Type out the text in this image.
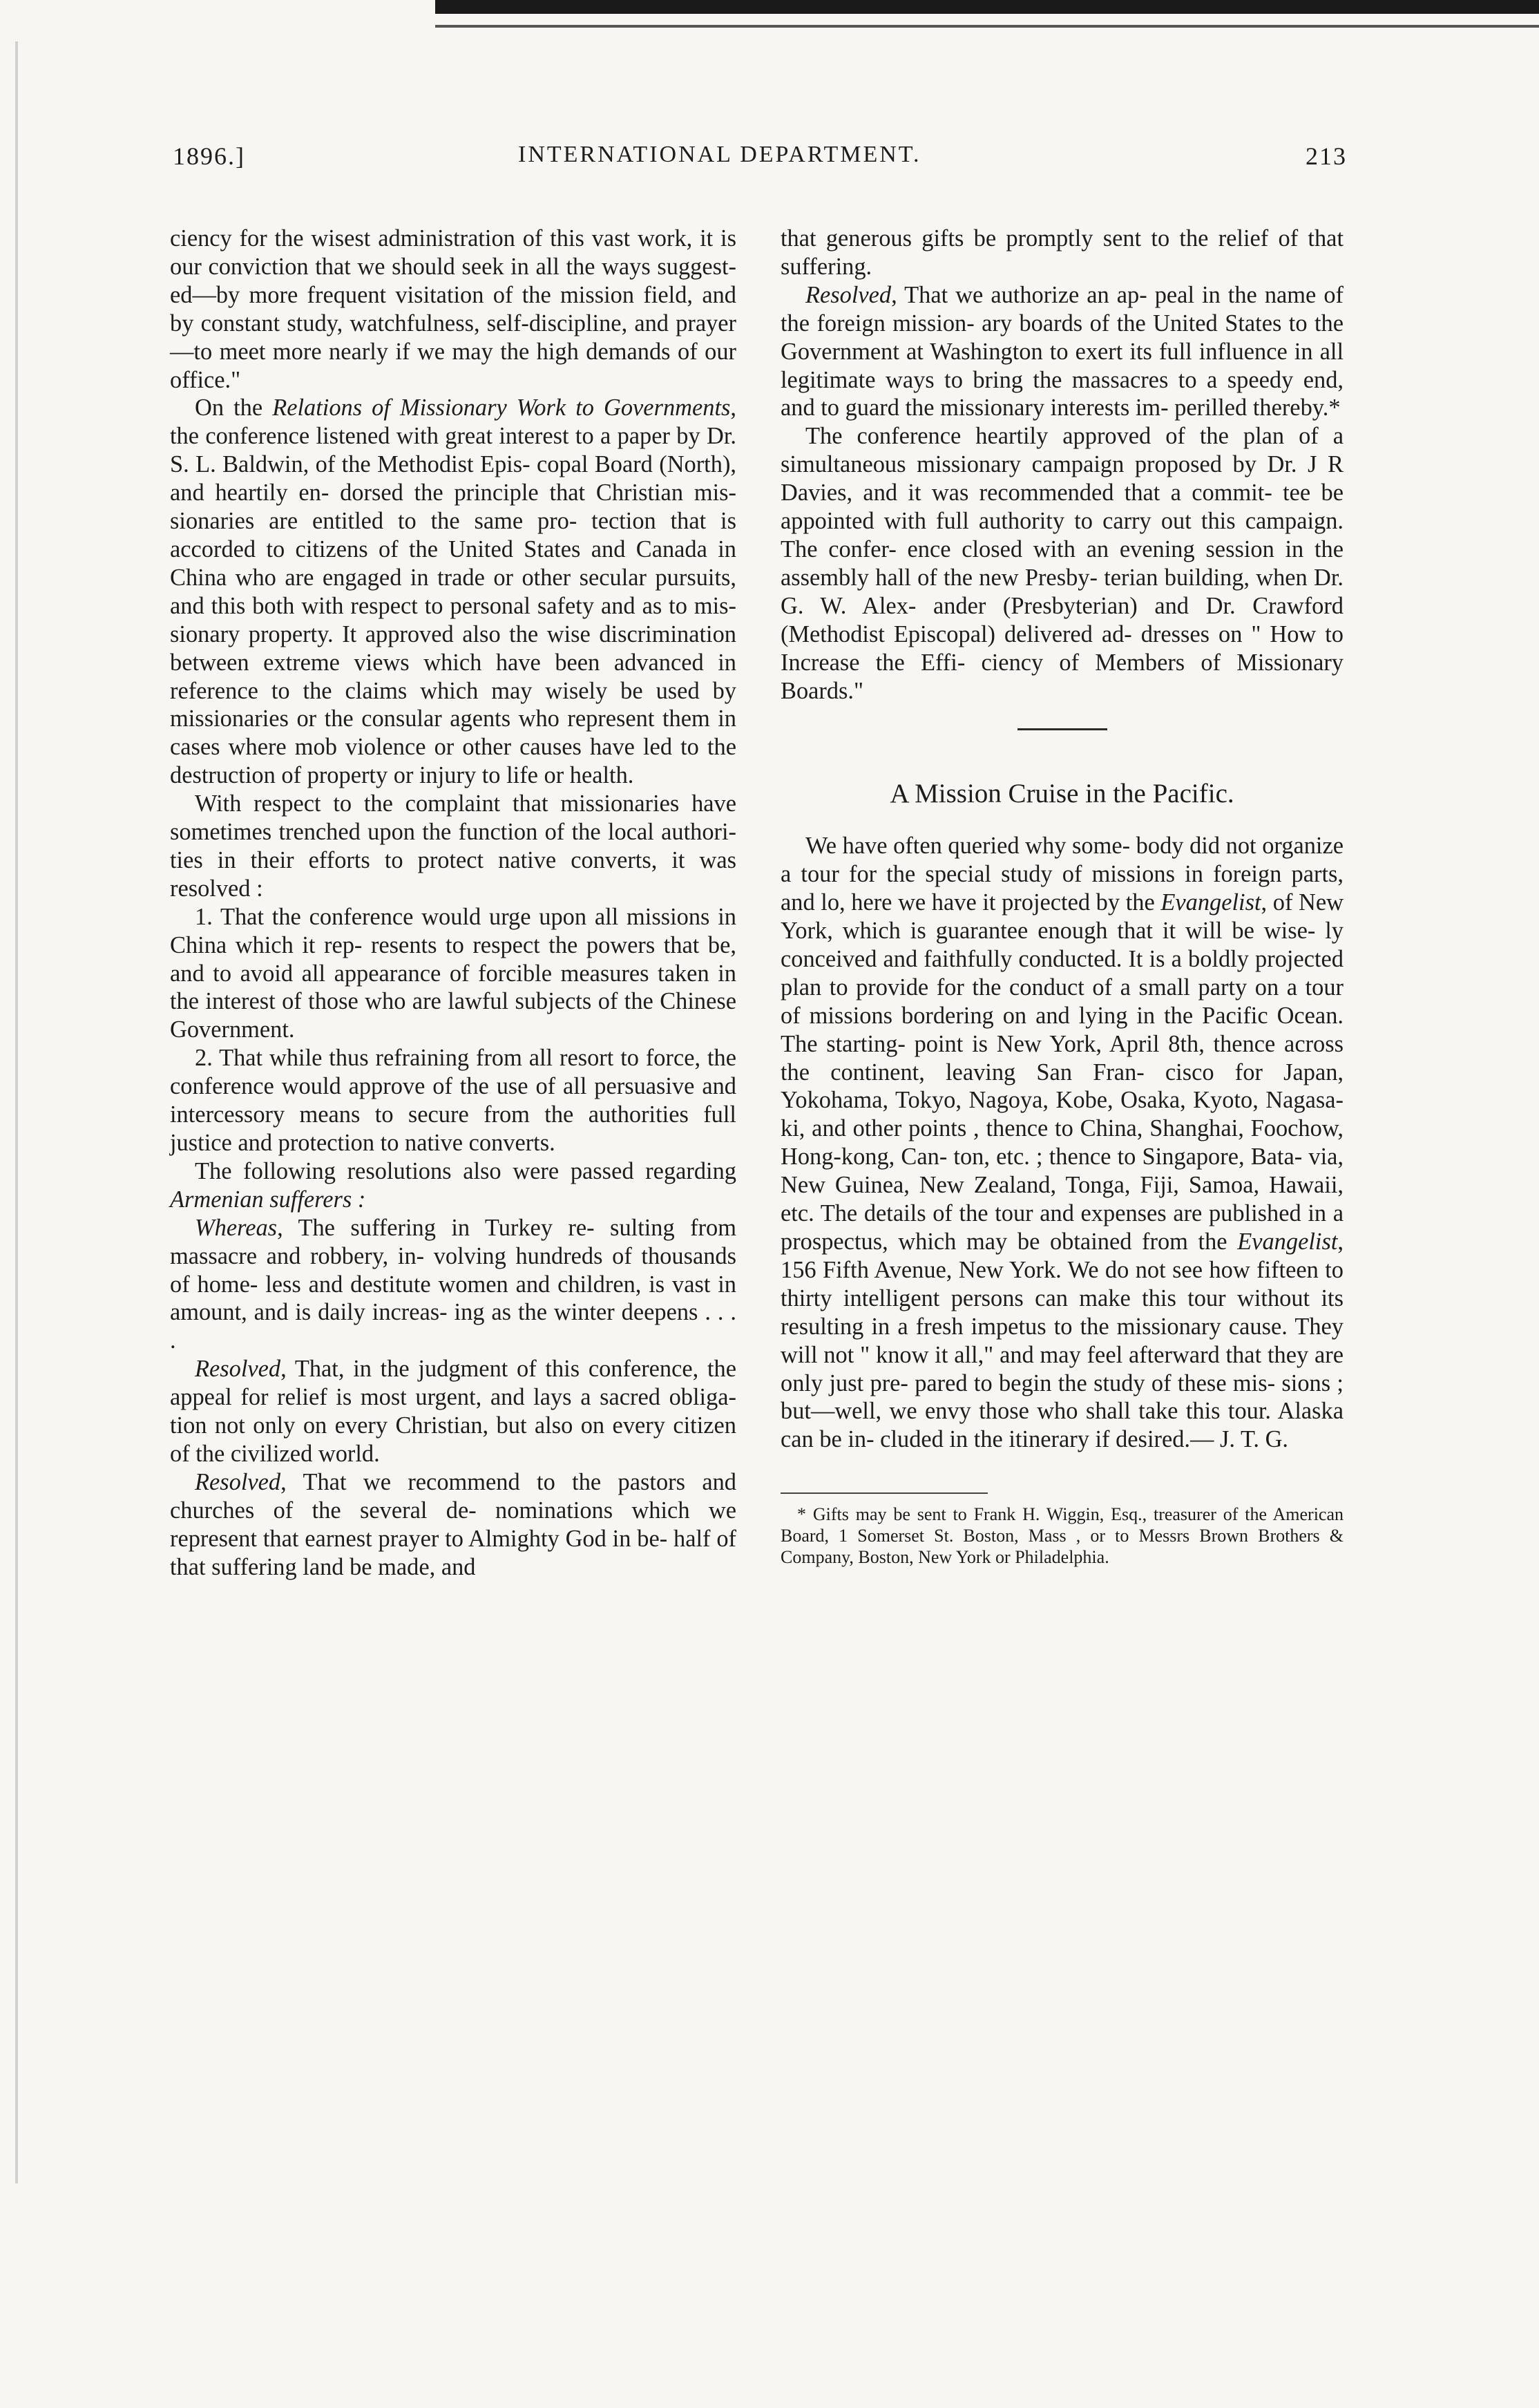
1896.]	INTERNATIONAL DEPARTMENT.	213

ciency for the wisest administration of this vast work, it is our conviction that we should seek in all the ways suggest- ed—by more frequent visitation of the mission field, and by constant study, watchfulness, self-discipline, and prayer —to meet more nearly if we may the high demands of our office."

On the Relations of Missionary Work to Governments, the conference listened with great interest to a paper by Dr. S. L. Baldwin, of the Methodist Epis- copal Board (North), and heartily en- dorsed the principle that Christian mis- sionaries are entitled to the same pro- tection that is accorded to citizens of the United States and Canada in China who are engaged in trade or other secular pursuits, and this both with respect to personal safety and as to mis- sionary property. It approved also the wise discrimination between extreme views which have been advanced in reference to the claims which may wisely be used by missionaries or the consular agents who represent them in cases where mob violence or other causes have led to the destruction of property or injury to life or health.

With respect to the complaint that missionaries have sometimes trenched upon the function of the local authori- ties in their efforts to protect native converts, it was resolved :

1. That the conference would urge upon all missions in China which it rep- resents to respect the powers that be, and to avoid all appearance of forcible measures taken in the interest of those who are lawful subjects of the Chinese Government.

2. That while thus refraining from all resort to force, the conference would approve of the use of all persuasive and intercessory means to secure from the authorities full justice and protection to native converts.

The following resolutions also were passed regarding Armenian sufferers :

Whereas, The suffering in Turkey re- sulting from massacre and robbery, in- volving hundreds of thousands of home- less and destitute women and children, is vast in amount, and is daily increas- ing as the winter deepens . . . .

Resolved, That, in the judgment of this conference, the appeal for relief is most urgent, and lays a sacred obliga- tion not only on every Christian, but also on every citizen of the civilized world.

Resolved, That we recommend to the pastors and churches of the several de- nominations which we represent that earnest prayer to Almighty God in be- half of that suffering land be made, and

that generous gifts be promptly sent to the relief of that suffering.

Resolved, That we authorize an ap- peal in the name of the foreign mission- ary boards of the United States to the Government at Washington to exert its full influence in all legitimate ways to bring the massacres to a speedy end, and to guard the missionary interests im- perilled thereby.*

The conference heartily approved of the plan of a simultaneous missionary campaign proposed by Dr. J R Davies, and it was recommended that a commit- tee be appointed with full authority to carry out this campaign. The confer- ence closed with an evening session in the assembly hall of the new Presby- terian building, when Dr. G. W. Alex- ander (Presbyterian) and Dr. Crawford (Methodist Episcopal) delivered ad- dresses on " How to Increase the Effi- ciency of Members of Missionary Boards."

A Mission Cruise in the Pacific.

We have often queried why some- body did not organize a tour for the special study of missions in foreign parts, and lo, here we have it projected by the Evangelist, of New York, which is guarantee enough that it will be wise- ly conceived and faithfully conducted. It is a boldly projected plan to provide for the conduct of a small party on a tour of missions bordering on and lying in the Pacific Ocean. The starting- point is New York, April 8th, thence across the continent, leaving San Fran- cisco for Japan, Yokohama, Tokyo, Nagoya, Kobe, Osaka, Kyoto, Nagasa- ki, and other points , thence to China, Shanghai, Foochow, Hong-kong, Can- ton, etc. ; thence to Singapore, Bata- via, New Guinea, New Zealand, Tonga, Fiji, Samoa, Hawaii, etc. The details of the tour and expenses are published in a prospectus, which may be obtained from the Evangelist, 156 Fifth Avenue, New York. We do not see how fifteen to thirty intelligent persons can make this tour without its resulting in a fresh impetus to the missionary cause. They will not " know it all," and may feel afterward that they are only just pre- pared to begin the study of these mis- sions ; but—well, we envy those who shall take this tour. Alaska can be in- cluded in the itinerary if desired.— J. T. G.

* Gifts may be sent to Frank H. Wiggin, Esq., treasurer of the American Board, 1 Somerset St. Boston, Mass , or to Messrs Brown Brothers & Company, Boston, New York or Philadelphia.
